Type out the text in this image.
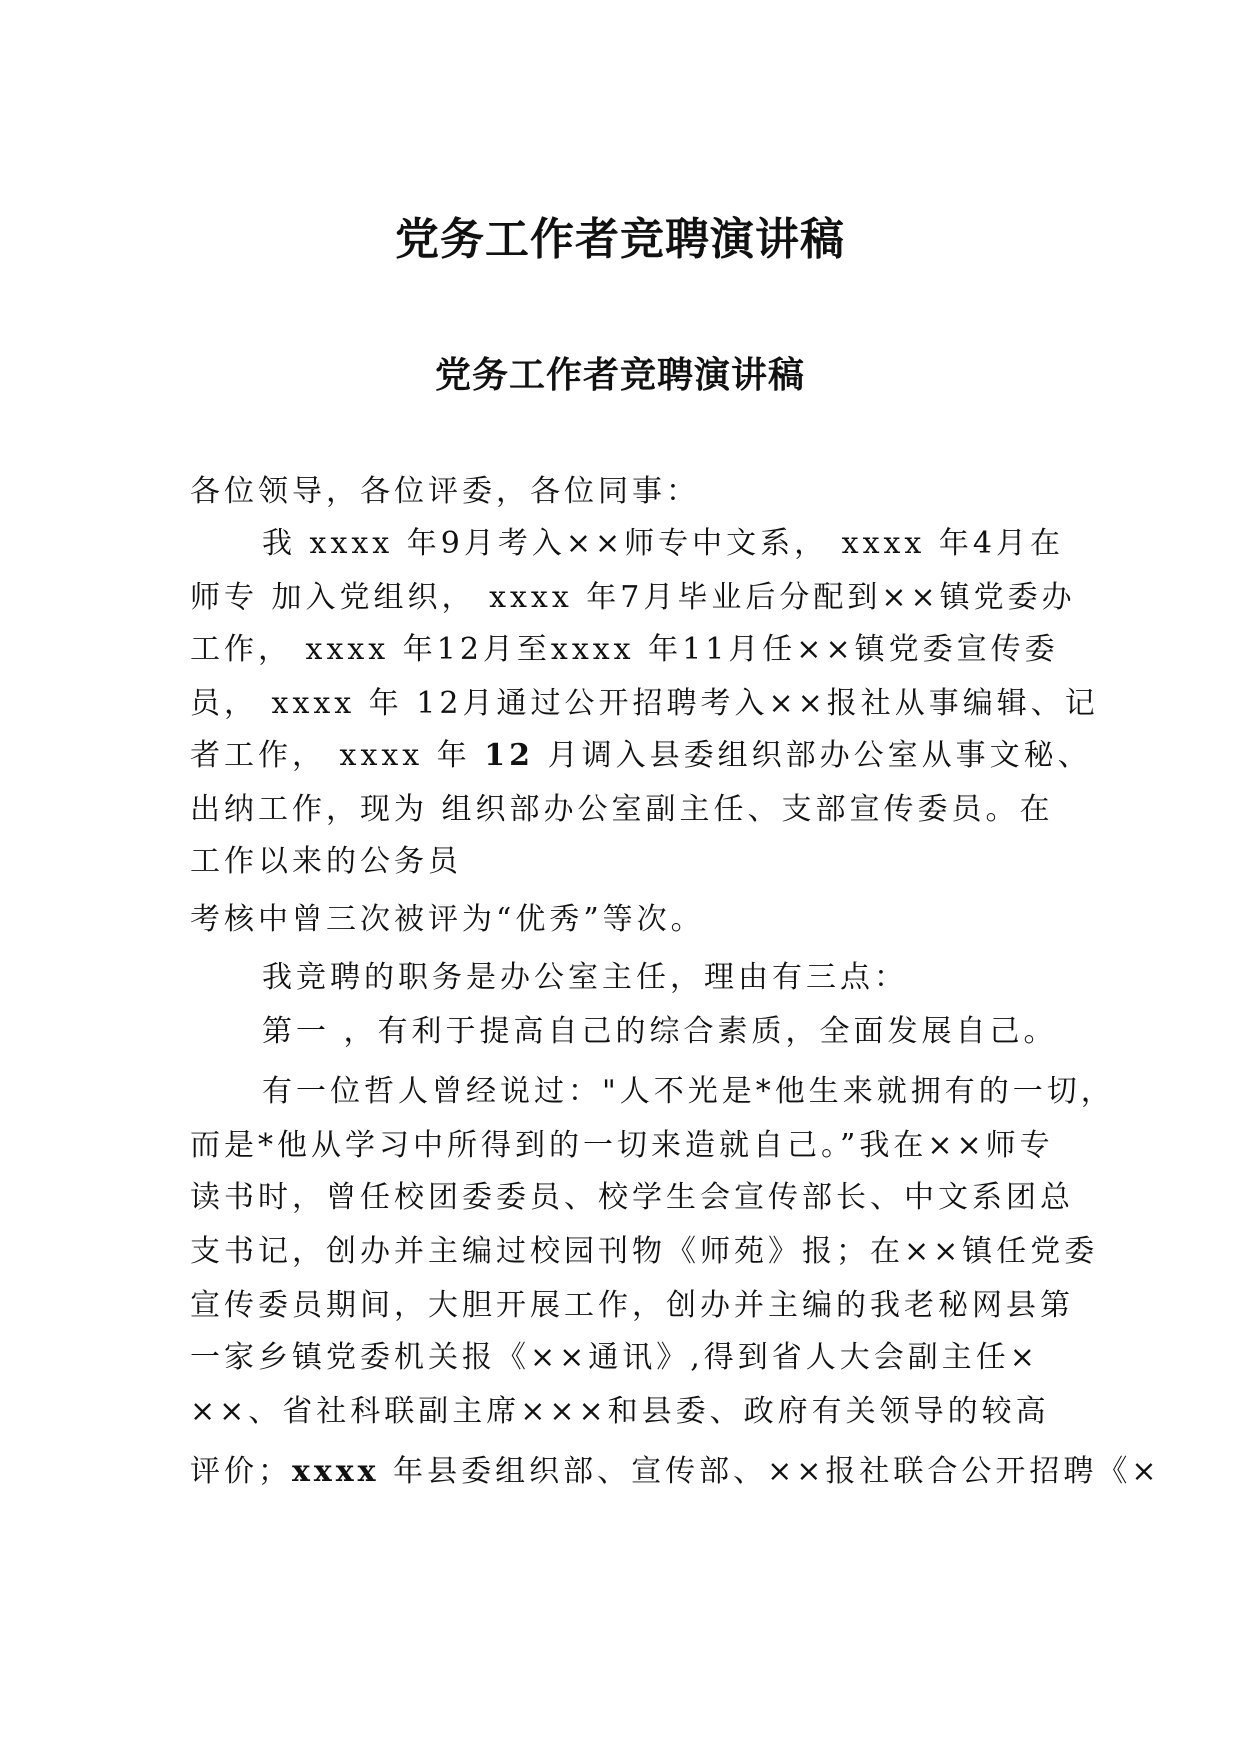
党务工作者竞聘演讲稿
党务工作者竞聘演讲稿
各位领导，各位评委，各位同事：
我 xxxx 年9月考入××师专中文系， xxxx 年4月在
师专 加入党组织， xxxx 年7月毕业后分配到××镇党委办
工作， xxxx 年12月至xxxx 年11月任××镇党委宣传委
员， xxxx 年 12月通过公开招聘考入××报社从事编辑、记
者工作， xxxx 年 12 月调入县委组织部办公室从事文秘、
出纳工作，现为 组织部办公室副主任、支部宣传委员。在
工作以来的公务员
考核中曾三次被评为“优秀”等次。
我竞聘的职务是办公室主任，理由有三点：
第一 ，有利于提高自己的综合素质，全面发展自己。
有一位哲人曾经说过："人不光是*他生来就拥有的一切，
而是*他从学习中所得到的一切来造就自己。”我在××师专
读书时，曾任校团委委员、校学生会宣传部长、中文系团总
支书记，创办并主编过校园刊物《师苑》报；在××镇任党委
宣传委员期间，大胆开展工作，创办并主编的我老秘网县第
一家乡镇党委机关报《××通讯》,得到省人大会副主任×
××、省社科联副主席×××和县委、政府有关领导的较高
评价；xxxx 年县委组织部、宣传部、××报社联合公开招聘《×
